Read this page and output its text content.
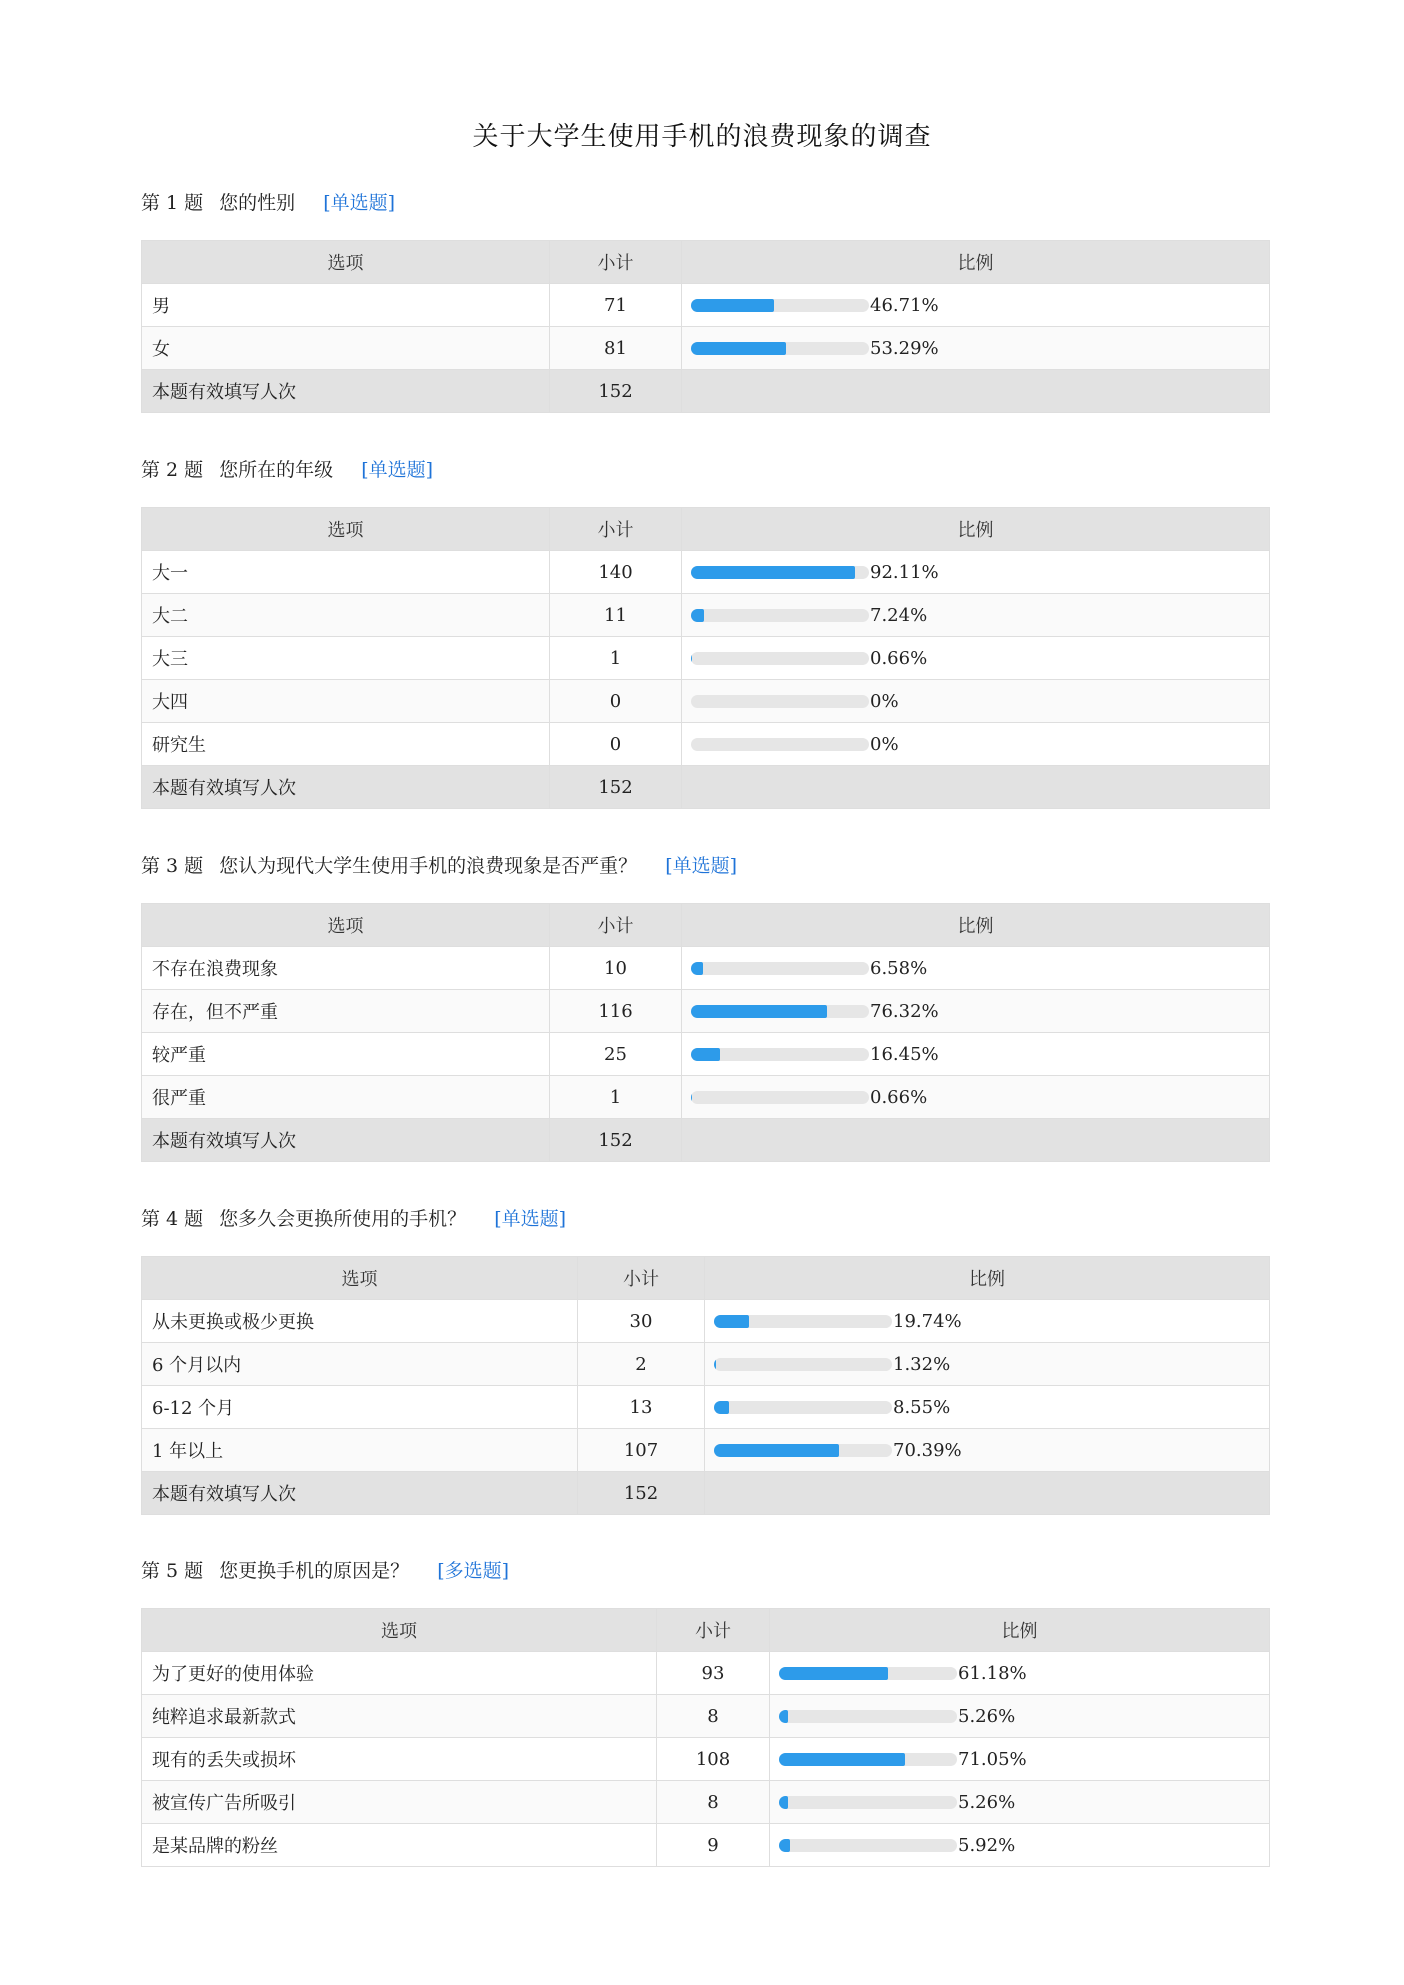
关于大学生使用手机的浪费现象的调查
第 1 题 您的性别 [单选题]
选项	小计	比例
男	71	46.71%
女	81	53.29%
本题有效填写人次	152	
第 2 题 您所在的年级 [单选题]
选项	小计	比例
大一	140	92.11%
大二	11	7.24%
大三	1	0.66%
大四	0	0%
研究生	0	0%
本题有效填写人次	152	
第 3 题 您认为现代大学生使用手机的浪费现象是否严重？ [单选题]
选项	小计	比例
不存在浪费现象	10	6.58%
存在，但不严重	116	76.32%
较严重	25	16.45%
很严重	1	0.66%
本题有效填写人次	152	
第 4 题 您多久会更换所使用的手机？ [单选题]
选项	小计	比例
从未更换或极少更换	30	19.74%
6 个月以内	2	1.32%
6-12 个月	13	8.55%
1 年以上	107	70.39%
本题有效填写人次	152	
第 5 题 您更换手机的原因是？ [多选题]
选项	小计	比例
为了更好的使用体验	93	61.18%
纯粹追求最新款式	8	5.26%
现有的丢失或损坏	108	71.05%
被宣传广告所吸引	8	5.26%
是某品牌的粉丝	9	5.92%
